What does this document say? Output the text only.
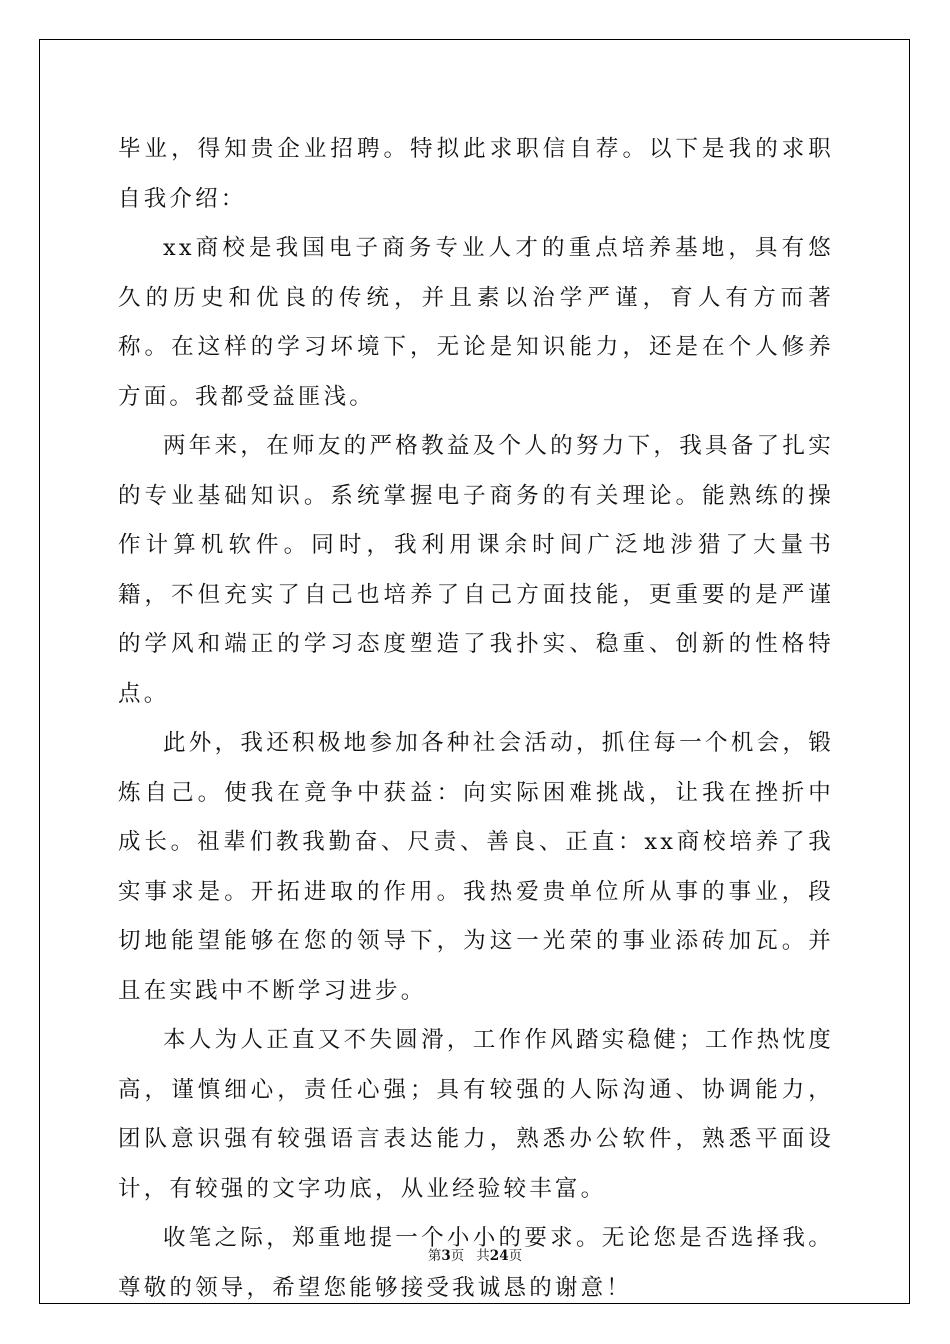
毕业，得知贵企业招聘。特拟此求职信自荐。以下是我的求职自我介绍：

xx商校是我国电子商务专业人才的重点培养基地，具有悠久的历史和优良的传统，并且素以治学严谨，育人有方而著称。在这样的学习坏境下，无论是知识能力，还是在个人修养方面。我都受益匪浅。

两年来，在师友的严格教益及个人的努力下，我具备了扎实的专业基础知识。系统掌握电子商务的有关理论。能熟练的操作计算机软件。同时，我利用课余时间广泛地涉猎了大量书籍，不但充实了自己也培养了自己方面技能，更重要的是严谨的学风和端正的学习态度塑造了我扑实、稳重、创新的性格特点。

此外，我还积极地参加各种社会活动，抓住每一个机会，锻炼自己。使我在竟争中获益：向实际困难挑战，让我在挫折中成长。祖辈们教我勤奋、尺责、善良、正直：xx商校培养了我实事求是。开拓进取的作用。我热爱贵单位所从事的事业，段切地能望能够在您的领导下，为这一光荣的事业添砖加瓦。并且在实践中不断学习进步。

本人为人正直又不失圆滑，工作作风踏实稳健；工作热忱度高，谨慎细心，责任心强；具有较强的人际沟通、协调能力，团队意识强有较强语言表达能力，熟悉办公软件，熟悉平面设计，有较强的文字功底，从业经验较丰富。

收笔之际，郑重地提一个小小的要求。无论您是否选择我。尊敬的领导，希望您能够接受我诚恳的谢意！

第3页 共24页
